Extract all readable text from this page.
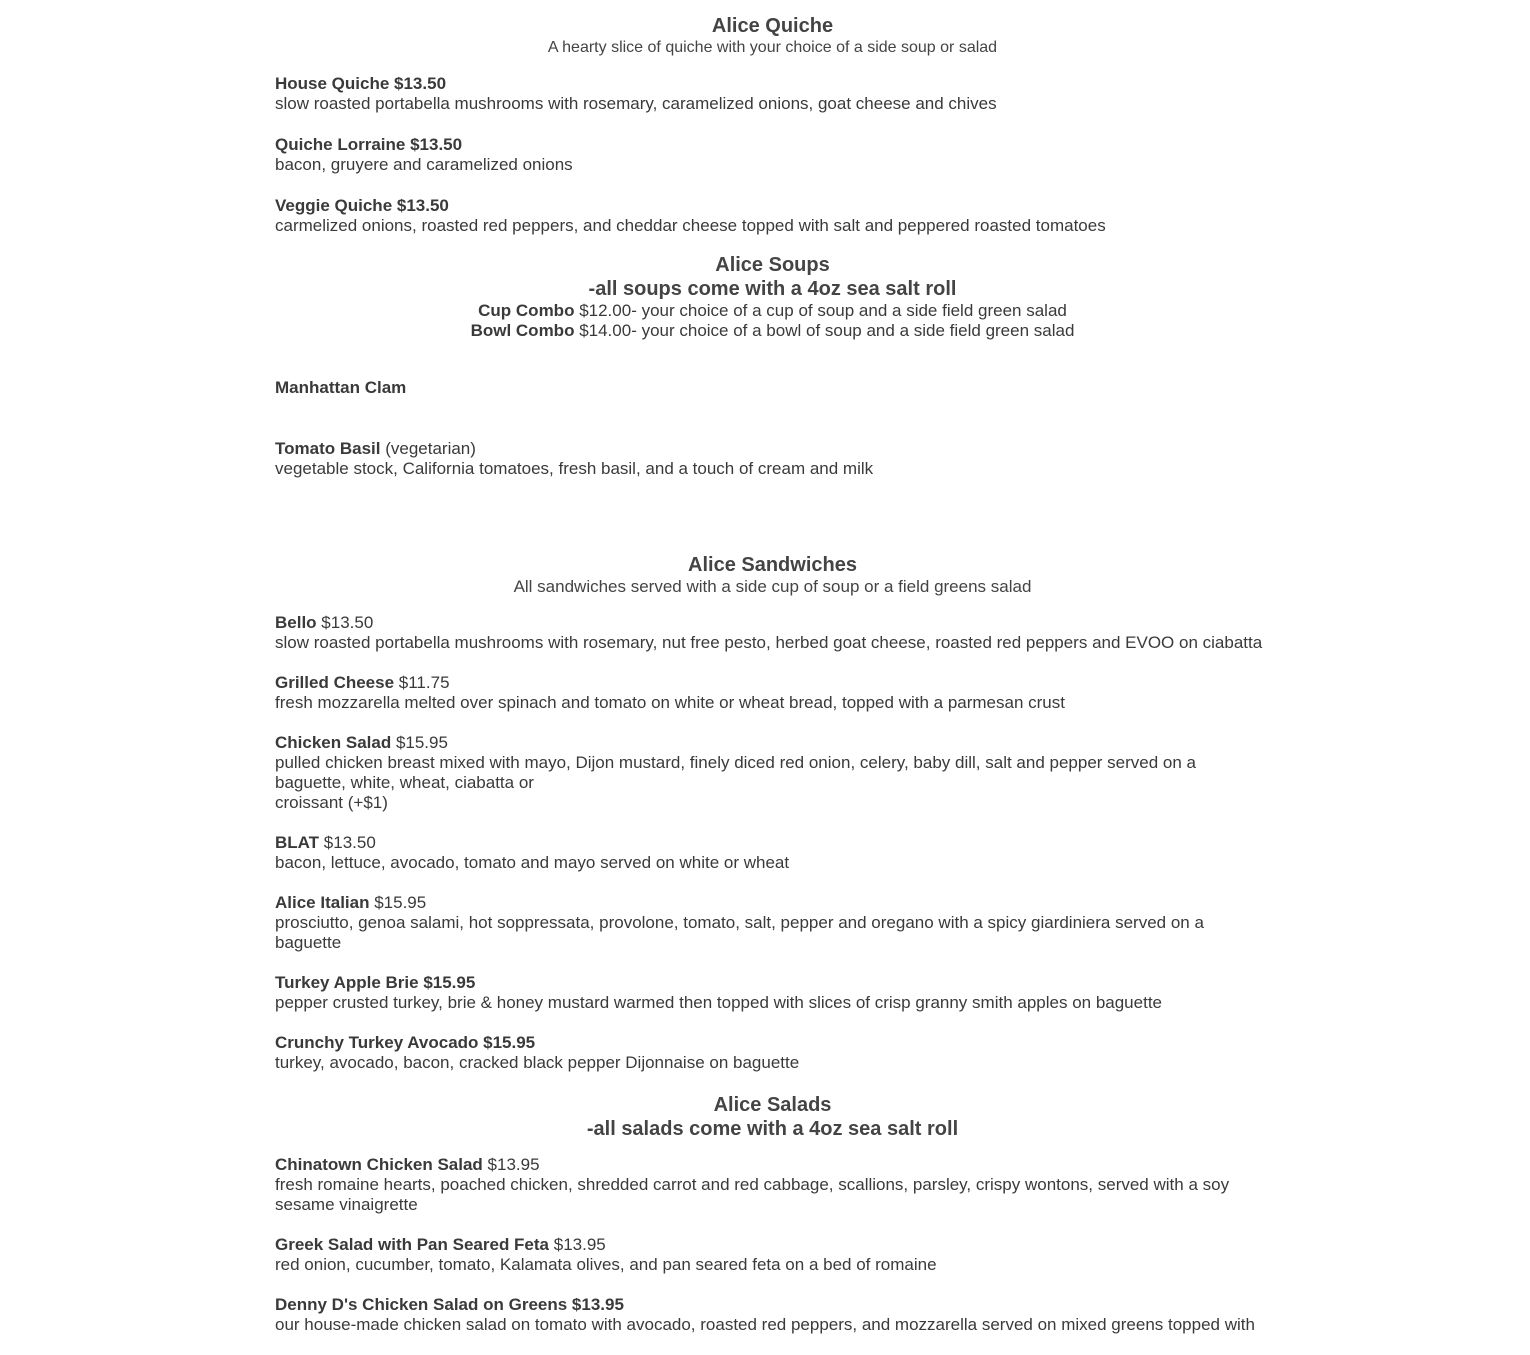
Alice Quiche
A hearty slice of quiche with your choice of a side soup or salad
House Quiche $13.50
slow roasted portabella mushrooms with rosemary, caramelized onions, goat cheese and chives
Quiche Lorraine $13.50
bacon, gruyere and caramelized onions
Veggie Quiche $13.50
carmelized onions, roasted red peppers, and cheddar cheese topped with salt and peppered roasted tomatoes
Alice Soups
-all soups come with a 4oz sea salt roll
Cup Combo $12.00- your choice of a cup of soup and a side field green salad
Bowl Combo $14.00- your choice of a bowl of soup and a side field green salad
Manhattan Clam
Tomato Basil (vegetarian)
vegetable stock, California tomatoes, fresh basil, and a touch of cream and milk
Alice Sandwiches
All sandwiches served with a side cup of soup or a field greens salad
Bello $13.50
slow roasted portabella mushrooms with rosemary, nut free pesto, herbed goat cheese, roasted red peppers and EVOO on ciabatta
Grilled Cheese $11.75
fresh mozzarella melted over spinach and tomato on white or wheat bread, topped with a parmesan crust
Chicken Salad $15.95
pulled chicken breast mixed with mayo, Dijon mustard, finely diced red onion, celery, baby dill, salt and pepper served on a baguette, white, wheat, ciabatta or
croissant (+$1)
BLAT $13.50
bacon, lettuce, avocado, tomato and mayo served on white or wheat
Alice Italian $15.95
prosciutto, genoa salami, hot soppressata, provolone, tomato, salt, pepper and oregano with a spicy giardiniera served on a baguette
Turkey Apple Brie $15.95
pepper crusted turkey, brie & honey mustard warmed then topped with slices of crisp granny smith apples on baguette
Crunchy Turkey Avocado $15.95
turkey, avocado, bacon, cracked black pepper Dijonnaise on baguette
Alice Salads
-all salads come with a 4oz sea salt roll
Chinatown Chicken Salad $13.95
fresh romaine hearts, poached chicken, shredded carrot and red cabbage, scallions, parsley, crispy wontons, served with a soy sesame vinaigrette
Greek Salad with Pan Seared Feta $13.95
red onion, cucumber, tomato, Kalamata olives, and pan seared feta on a bed of romaine
Denny D's Chicken Salad on Greens $13.95
our house-made chicken salad on tomato with avocado, roasted red peppers, and mozzarella served on mixed greens topped with
